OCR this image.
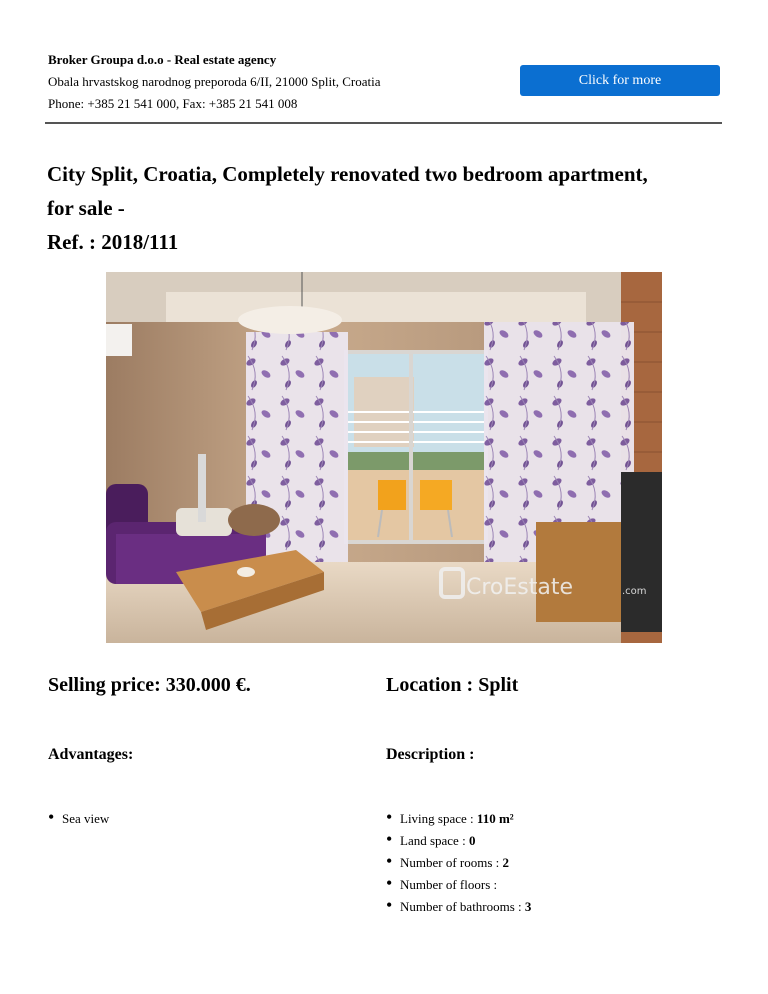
Broker Groupa d.o.o - Real estate agency
Obala hrvastskog narodnog preporoda 6/II, 21000 Split, Croatia
Phone: +385 21 541 000, Fax: +385 21 541 008
Click for more
City Split, Croatia, Completely renovated two bedroom apartment,
for sale -
Ref. : 2018/111
CroEstate	.com
Selling price: 330.000 €.	Location : Split
Advantages:	Description :
• Sea view
•	Living space : 110 m²
• Land space : 0
• Number of rooms : 2
• Number of floors :
• Number of bathrooms : 3
